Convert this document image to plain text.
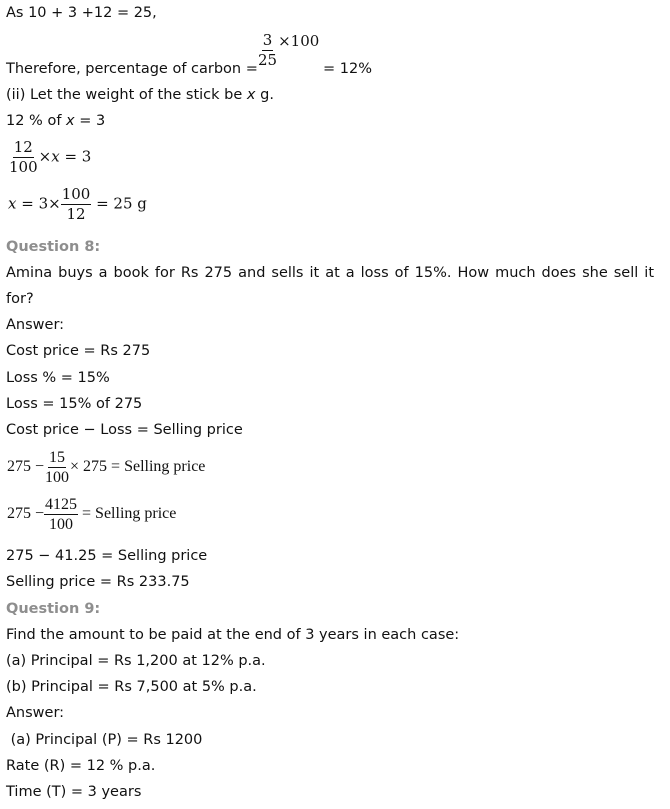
As 10 + 3 +12 = 25,
$\frac{3}{25} \times 100$
Therefore, percentage of carbon =	= 12%
(ii) Let the weight of the stick be x g.
12 % of x = 3
$\frac{12}{100} \times x = 3$
$x = 3\times \frac{100}{12} = 25$ g
Question 8:
Amina buys a book for Rs 275 and sells it at a loss of 15%. How much does she sell it
for?
Answer:
Cost price = Rs 275
Loss % = 15%
Loss = 15% of 275
Cost price − Loss = Selling price
$275 - \frac{15}{100} \times 275$ = Selling price
$275 - \frac{4125}{100}$ = Selling price
275 − 41.25 = Selling price
Selling price = Rs 233.75
Question 9:
Find the amount to be paid at the end of 3 years in each case:
(a) Principal = Rs 1,200 at 12% p.a.
(b) Principal = Rs 7,500 at 5% p.a.
Answer:
(a) Principal (P) = Rs 1200
Rate (R) = 12 % p.a.
Time (T) = 3 years
